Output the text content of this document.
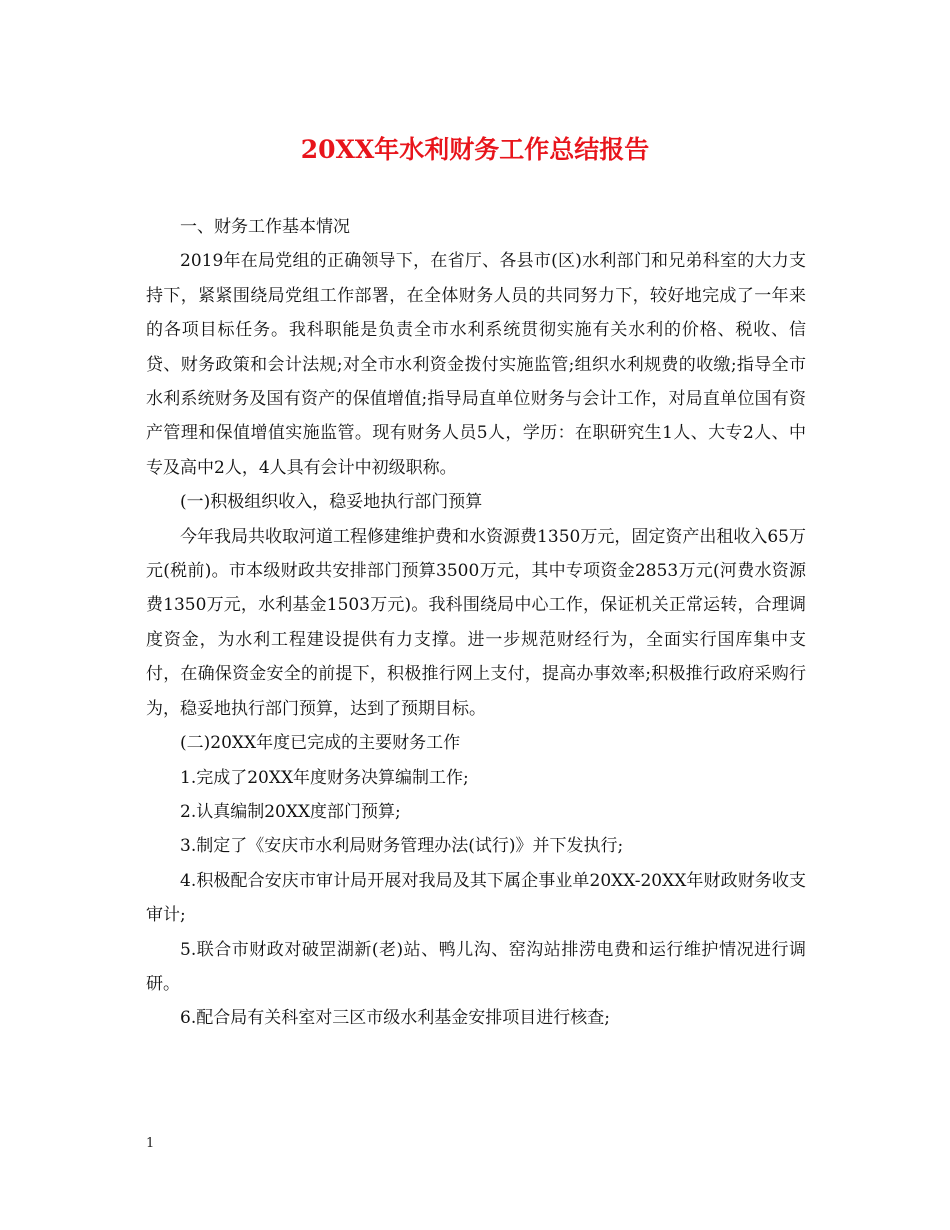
20XX年水利财务工作总结报告

一、财务工作基本情况

2019年在局党组的正确领导下，在省厅、各县市(区)水利部门和兄弟科室的大力支持下，紧紧围绕局党组工作部署，在全体财务人员的共同努力下，较好地完成了一年来的各项目标任务。我科职能是负责全市水利系统贯彻实施有关水利的价格、税收、信贷、财务政策和会计法规;对全市水利资金拨付实施监管;组织水利规费的收缴;指导全市水利系统财务及国有资产的保值增值;指导局直单位财务与会计工作，对局直单位国有资产管理和保值增值实施监管。现有财务人员5人，学历：在职研究生1人、大专2人、中专及高中2人，4人具有会计中初级职称。

(一)积极组织收入，稳妥地执行部门预算

今年我局共收取河道工程修建维护费和水资源费1350万元，固定资产出租收入65万元(税前)。市本级财政共安排部门预算3500万元，其中专项资金2853万元(河费水资源费1350万元，水利基金1503万元)。我科围绕局中心工作，保证机关正常运转，合理调度资金，为水利工程建设提供有力支撑。进一步规范财经行为，全面实行国库集中支付，在确保资金安全的前提下，积极推行网上支付，提高办事效率;积极推行政府采购行为，稳妥地执行部门预算，达到了预期目标。

(二)20XX年度已完成的主要财务工作

1.完成了20XX年度财务决算编制工作;

2.认真编制20XX度部门预算;

3.制定了《安庆市水利局财务管理办法(试行)》并下发执行;

4.积极配合安庆市审计局开展对我局及其下属企事业单20XX-20XX年财政财务收支审计;

5.联合市财政对破罡湖新(老)站、鸭儿沟、窑沟站排涝电费和运行维护情况进行调研。

6.配合局有关科室对三区市级水利基金安排项目进行核查;

1
